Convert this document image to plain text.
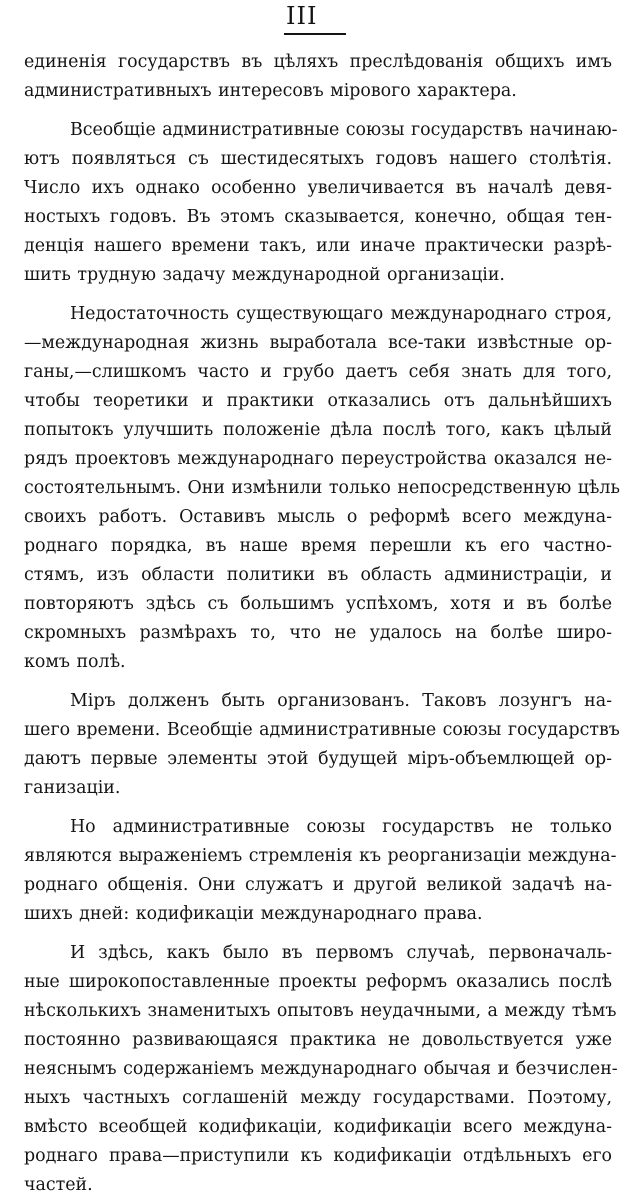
III
единенія государствъ въ цѣляхъ преслѣдованія общихъ имъ
административныхъ интересовъ мірового характера.
Всеобщіе административные союзы государствъ начинаю-
ютъ появляться съ шестидесятыхъ годовъ нашего столѣтія.
Число ихъ однако особенно увеличивается въ началѣ девя-
ностыхъ годовъ. Въ этомъ сказывается, конечно, общая тен-
денція нашего времени такъ, или иначе практически разрѣ-
шить трудную задачу международной организаціи.
Недостаточность существующаго международнаго строя,
—международная жизнь выработала все-таки извѣстные ор-
ганы,—слишкомъ часто и грубо даетъ себя знать для того,
чтобы теоретики и практики отказались отъ дальнѣйшихъ
попытокъ улучшить положеніе дѣла послѣ того, какъ цѣлый
рядъ проектовъ международнаго переустройства оказался не-
состоятельнымъ. Они измѣнили только непосредственную цѣль
своихъ работъ. Оставивъ мысль о реформѣ всего междуна-
роднаго порядка, въ наше время перешли къ его частно-
стямъ, изъ области политики въ область администраціи, и
повторяютъ здѣсь съ большимъ успѣхомъ, хотя и въ болѣе
скромныхъ размѣрахъ то, что не удалось на болѣе широ-
комъ полѣ.
Міръ долженъ быть организованъ. Таковъ лозунгъ на-
шего времени. Всеобщіе административные союзы государствъ
даютъ первые элементы этой будущей міръ-объемлющей ор-
ганизаціи.
Но административные союзы государствъ не только
являются выраженіемъ стремленія къ реорганизаціи междуна-
роднаго общенія. Они служатъ и другой великой задачѣ на-
шихъ дней: кодификаціи международнаго права.
И здѣсь, какъ было въ первомъ случаѣ, первоначаль-
ные широкопоставленные проекты реформъ оказались послѣ
нѣсколькихъ знаменитыхъ опытовъ неудачными, а между тѣмъ
постоянно развивающаяся практика не довольствуется уже
неяснымъ содержаніемъ международнаго обычая и безчислен-
ныхъ частныхъ соглашеній между государствами. Поэтому,
вмѣсто всеобщей кодификаціи, кодификаціи всего междуна-
роднаго права—приступили къ кодификаціи отдѣльныхъ его
частей.
